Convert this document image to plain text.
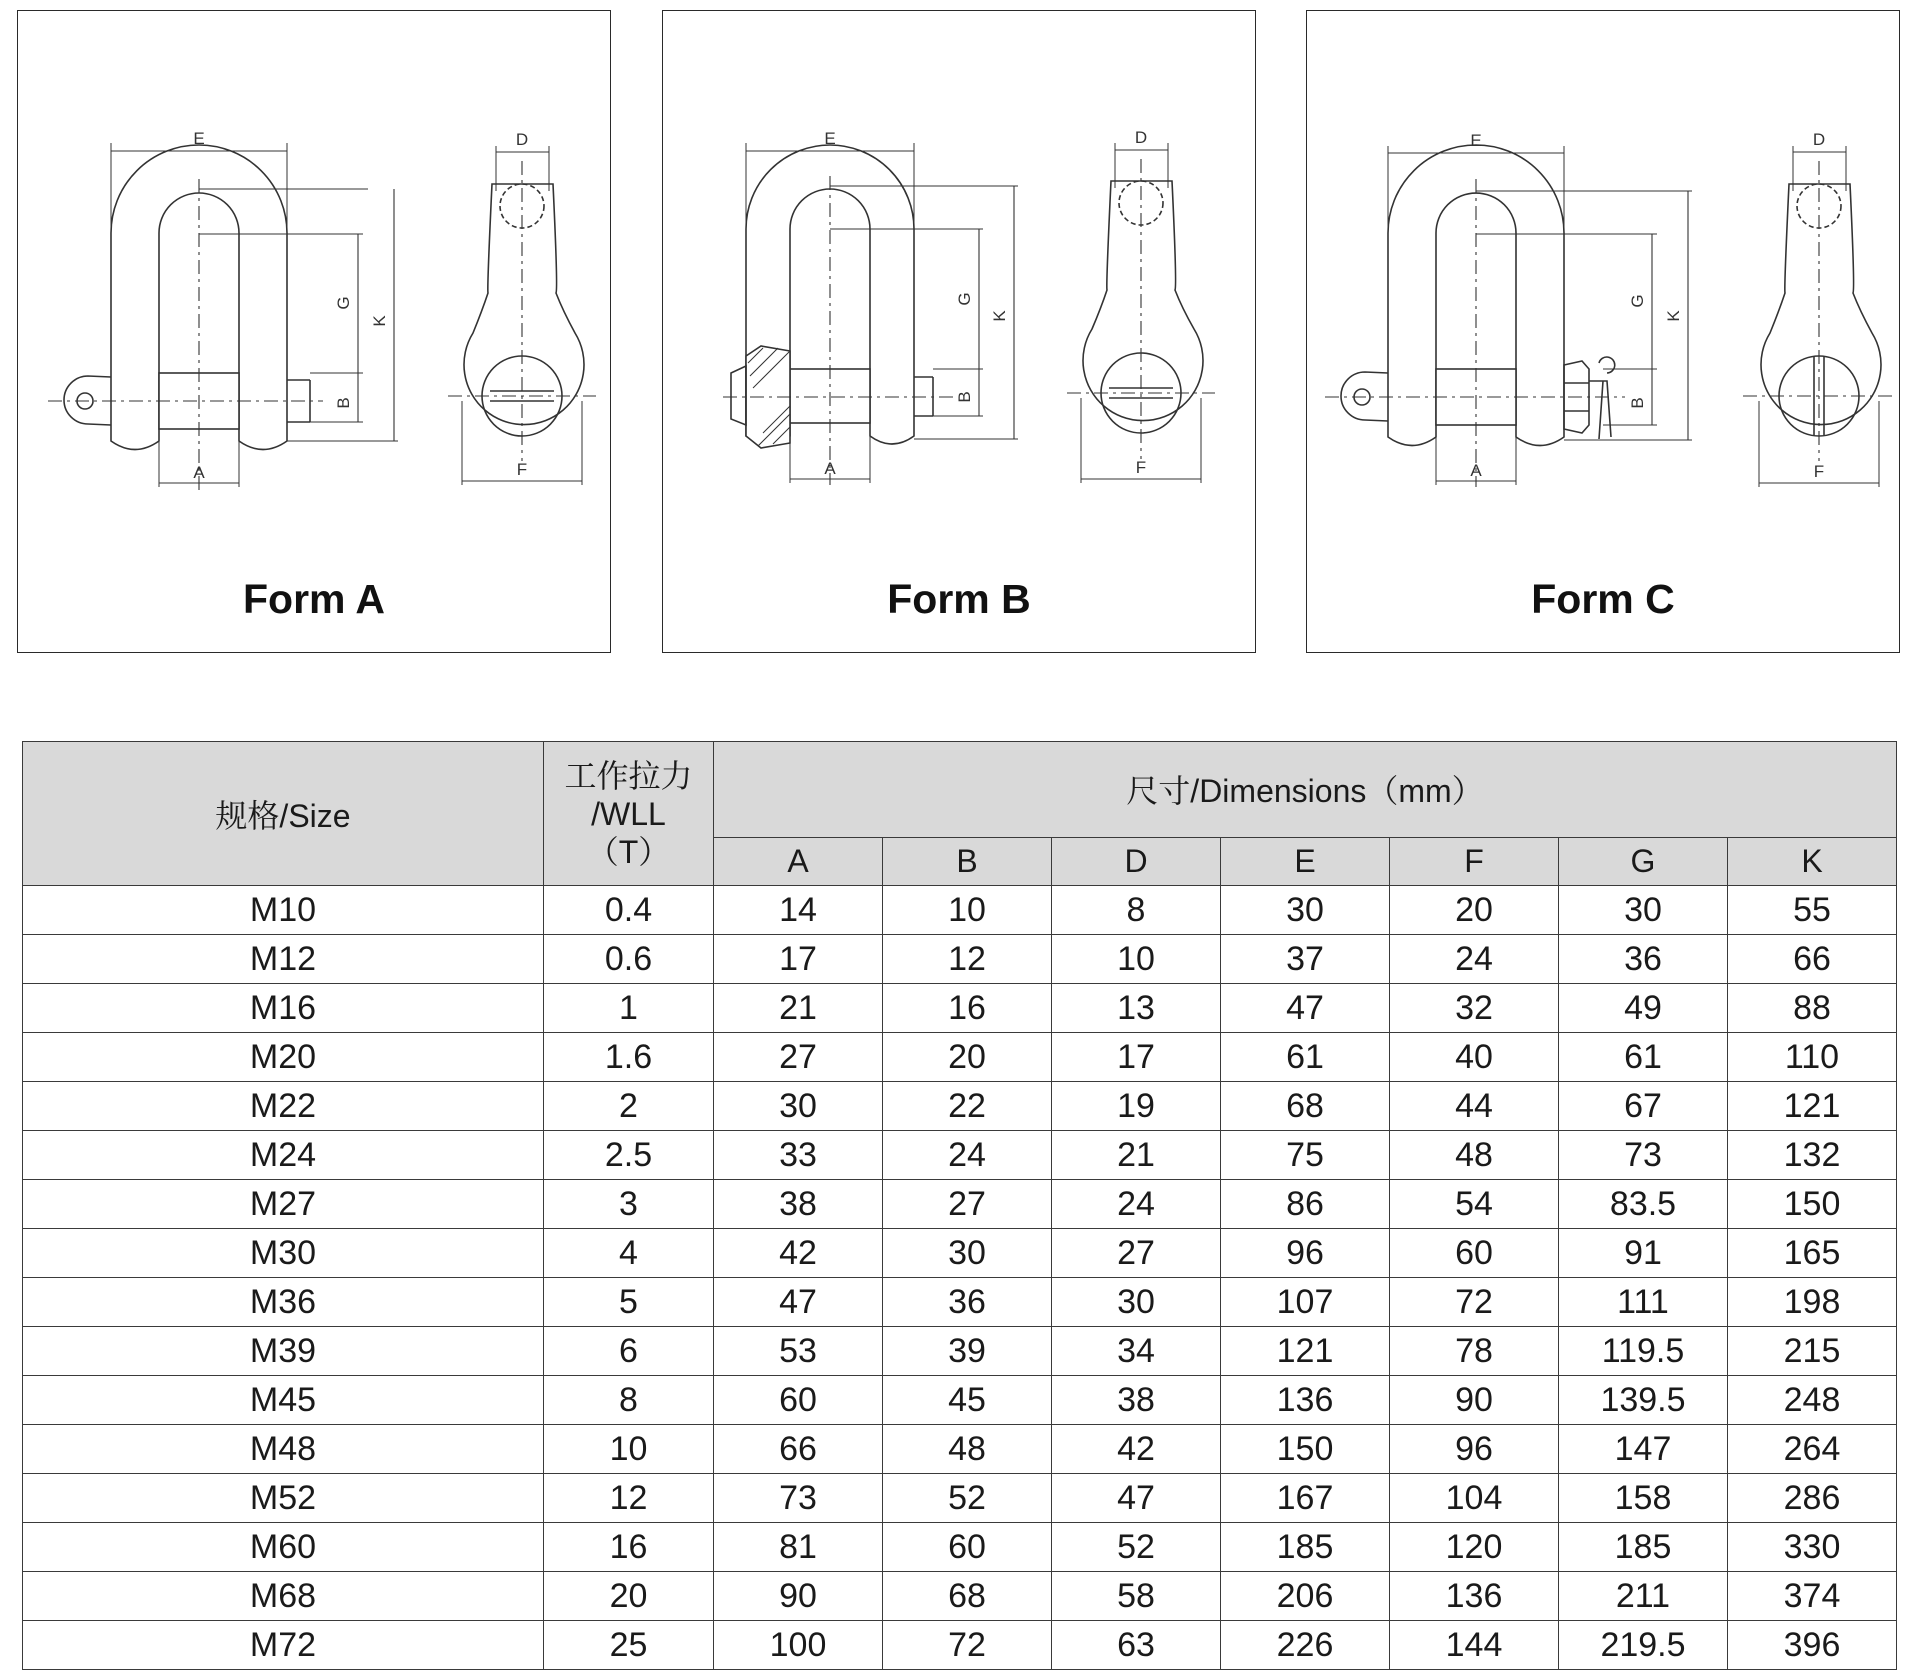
E
A
G
B
K
D
F
Form A
E
A
G
B
K
D
F
Form B
E
A
G
B
K
D
F
Form C
规格/Size	工作拉力
/WLL
（T）	尺寸/Dimensions（mm）						
		A	B	D	E	F	G	K
M10	0.4	14	10	8	30	20	30	55
M12	0.6	17	12	10	37	24	36	66
M16	1	21	16	13	47	32	49	88
M20	1.6	27	20	17	61	40	61	110
M22	2	30	22	19	68	44	67	121
M24	2.5	33	24	21	75	48	73	132
M27	3	38	27	24	86	54	83.5	150
M30	4	42	30	27	96	60	91	165
M36	5	47	36	30	107	72	111	198
M39	6	53	39	34	121	78	119.5	215
M45	8	60	45	38	136	90	139.5	248
M48	10	66	48	42	150	96	147	264
M52	12	73	52	47	167	104	158	286
M60	16	81	60	52	185	120	185	330
M68	20	90	68	58	206	136	211	374
M72	25	100	72	63	226	144	219.5	396
